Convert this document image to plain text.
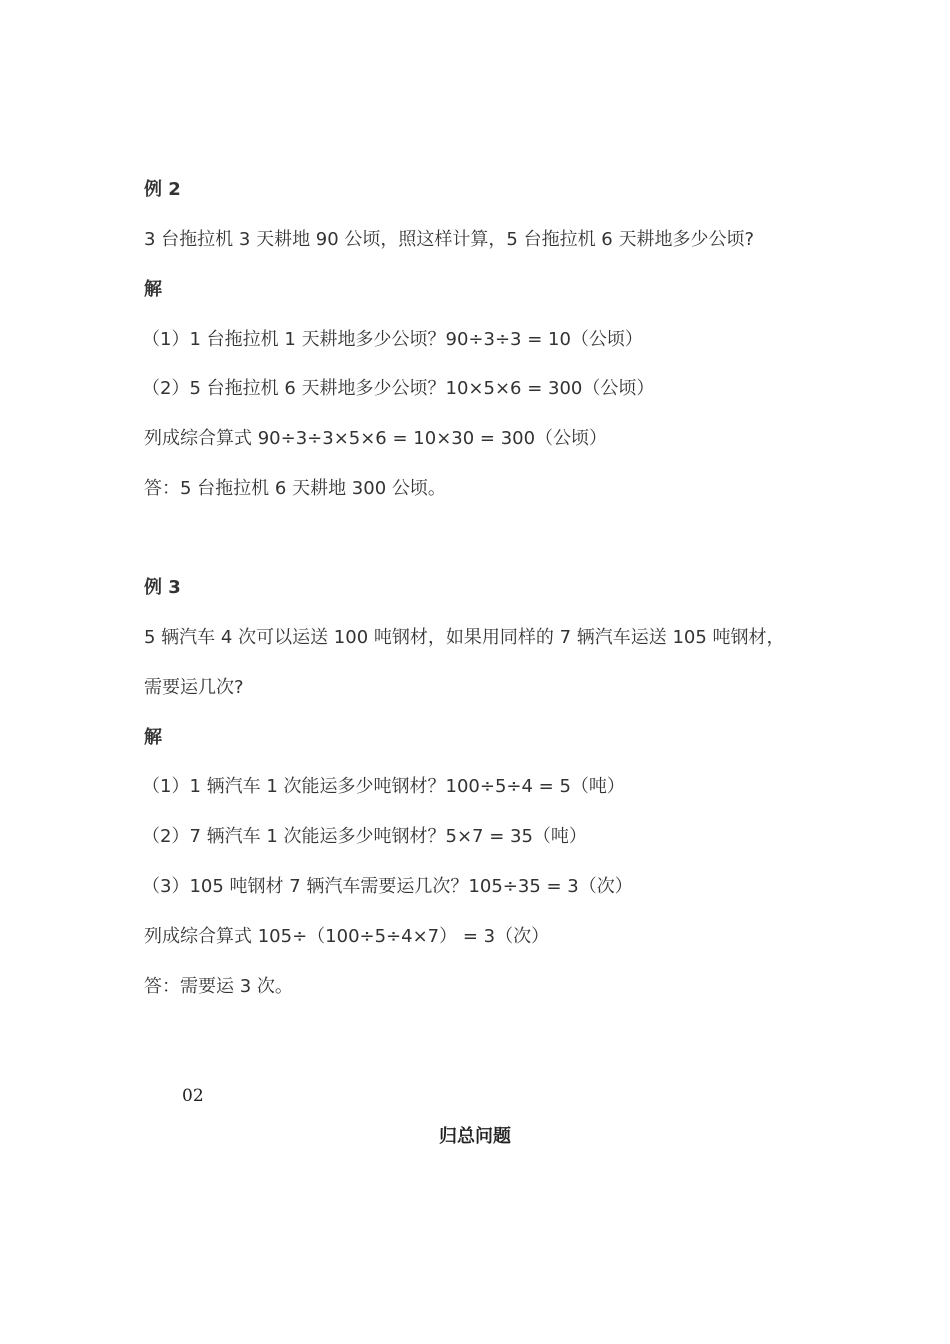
例 2
3 台拖拉机 3 天耕地 90 公顷，照这样计算，5 台拖拉机 6 天耕地多少公顷?
解
（1）1 台拖拉机 1 天耕地多少公顷？90÷3÷3 = 10（公顷）
（2）5 台拖拉机 6 天耕地多少公顷？10×5×6 = 300（公顷）
列成综合算式 90÷3÷3×5×6 = 10×30 = 300（公顷）
答：5 台拖拉机 6 天耕地 300 公顷。
例 3
5 辆汽车 4 次可以运送 100 吨钢材，如果用同样的 7 辆汽车运送 105 吨钢材，
需要运几次?
解
（1）1 辆汽车 1 次能运多少吨钢材？100÷5÷4 = 5（吨）
（2）7 辆汽车 1 次能运多少吨钢材？5×7 = 35（吨）
（3）105 吨钢材 7 辆汽车需要运几次？105÷35 = 3（次）
列成综合算式 105÷（100÷5÷4×7） = 3（次）
答：需要运 3 次。
02
归总问题
